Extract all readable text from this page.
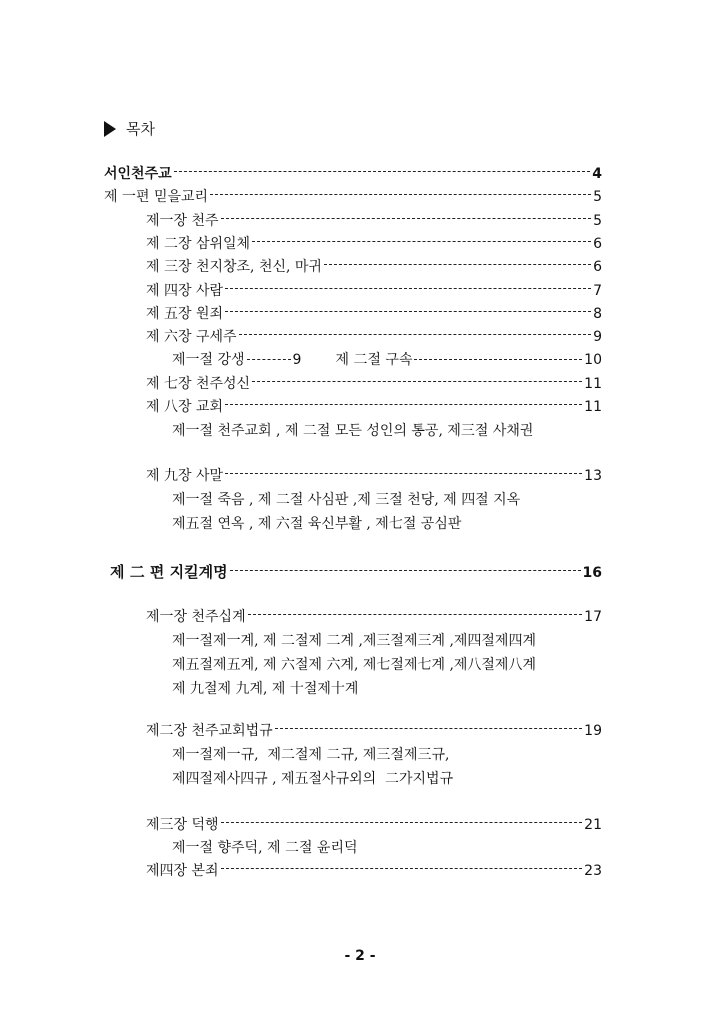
목차
서인천주교	4
제 一편 믿을교리	5
제一장 천주	5
제 二장 삼위일체	6
제 三장 천지창조, 천신, 마귀	6
제 四장 사람	7
제 五장 원죄	8
제 六장 구세주	9
제一절 강생	9 제 二절 구속	10
제 七장 천주성신	11
제 八장 교회	11
제一절 천주교회 , 제 二절 모든 성인의 통공, 제三절 사채권
제 九장 사말	13
제一절 죽음 , 제 二절 사심판 ,제 三절 천당, 제 四절 지옥
제五절 연옥 , 제 六절 육신부활 , 제七절 공심판
제 二 편 지킬계명	16
제一장 천주십계	17
제一절제一계, 제 二절제 二계 ,제三절제三계 ,제四절제四계
제五절제五계, 제 六절제 六계, 제七절제七계 ,제八절제八계
제 九절제 九계, 제 十절제十계
제二장 천주교회법규	19
제一절제一규,  제二절제 二규, 제三절제三규,
제四절제사四규 , 제五절사규외의  二가지법규
제三장 덕행	21
제一절 향주덕, 제 二절 윤리덕
제四장 본죄	23
- 2 -
